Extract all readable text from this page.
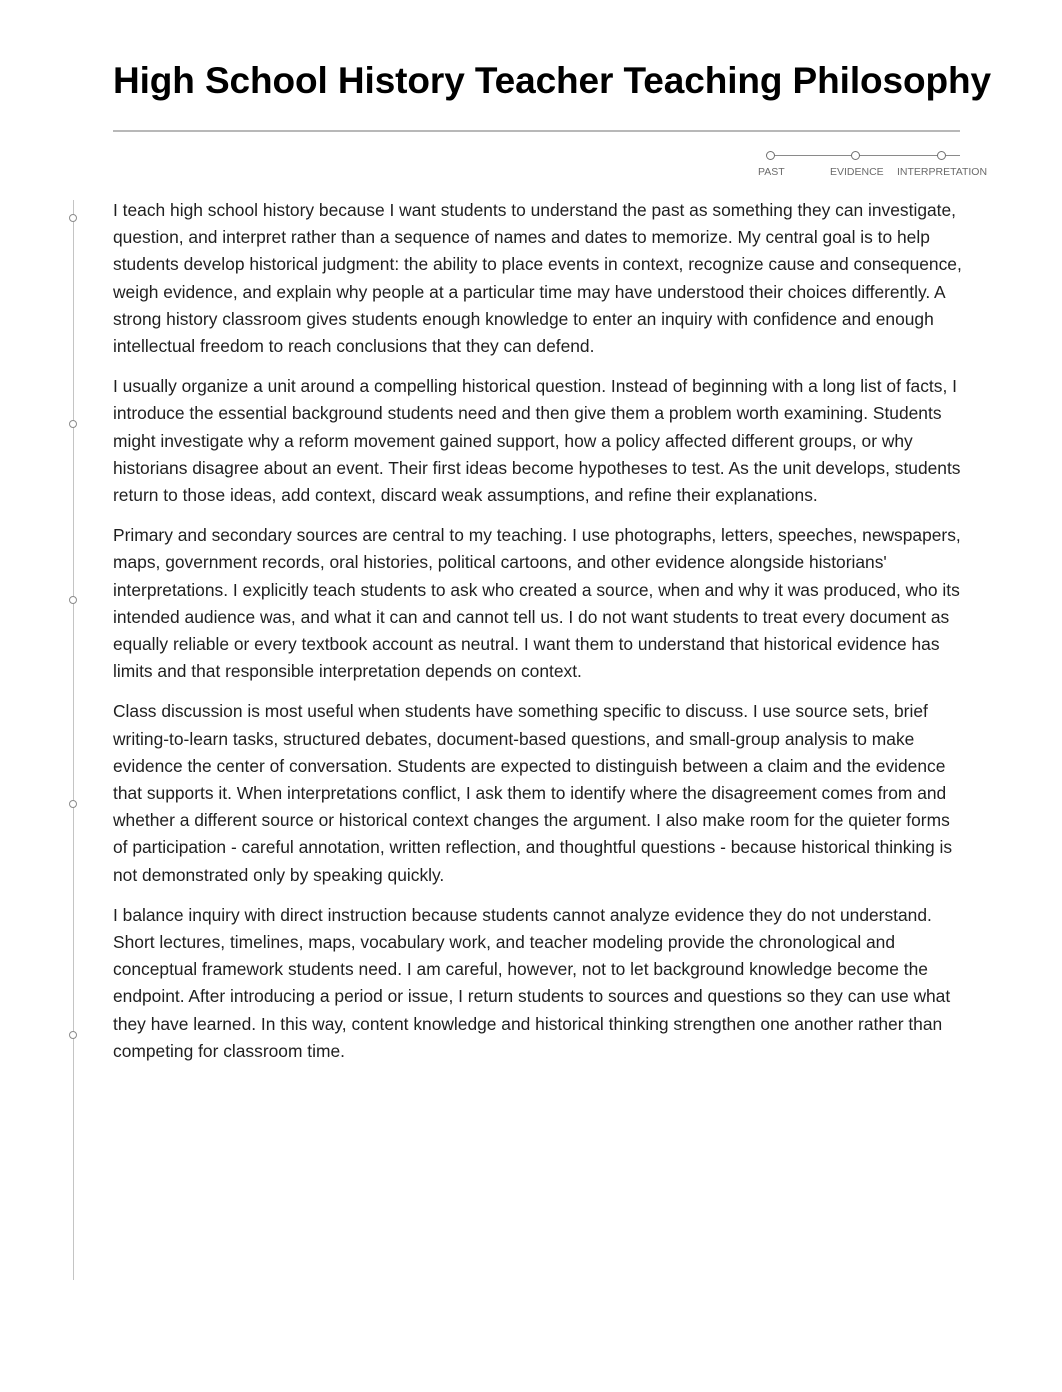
High School History Teacher Teaching Philosophy
PAST	EVIDENCE INTERPRETATION

I teach high school history because I want students to understand the past as something they can investigate, question, and interpret rather than a sequence of names and dates to memorize. My central goal is to help students develop historical judgment: the ability to place events in context, recognize cause and consequence, weigh evidence, and explain why people at a particular time may have understood their choices differently. A strong history classroom gives students enough knowledge to enter an inquiry with confidence and enough intellectual freedom to reach conclusions that they can defend.

I usually organize a unit around a compelling historical question. Instead of beginning with a long list of facts, I introduce the essential background students need and then give them a problem worth examining. Students might investigate why a reform movement gained support, how a policy affected different groups, or why historians disagree about an event. Their first ideas become hypotheses to test. As the unit develops, students return to those ideas, add context, discard weak assumptions, and refine their explanations.

Primary and secondary sources are central to my teaching. I use photographs, letters, speeches, newspapers, maps, government records, oral histories, political cartoons, and other evidence alongside historians' interpretations. I explicitly teach students to ask who created a source, when and why it was produced, who its intended audience was, and what it can and cannot tell us. I do not want students to treat every document as equally reliable or every textbook account as neutral. I want them to understand that historical evidence has limits and that responsible interpretation depends on context.

Class discussion is most useful when students have something specific to discuss. I use source sets, brief writing-to-learn tasks, structured debates, document-based questions, and small-group analysis to make evidence the center of conversation. Students are expected to distinguish between a claim and the evidence that supports it. When interpretations conflict, I ask them to identify where the disagreement comes from and whether a different source or historical context changes the argument. I also make room for the quieter forms of participation - careful annotation, written reflection, and thoughtful questions - because historical thinking is not demonstrated only by speaking quickly.

I balance inquiry with direct instruction because students cannot analyze evidence they do not understand. Short lectures, timelines, maps, vocabulary work, and teacher modeling provide the chronological and conceptual framework students need. I am careful, however, not to let background knowledge become the endpoint. After introducing a period or issue, I return students to sources and questions so they can use what they have learned. In this way, content knowledge and historical thinking strengthen one another rather than competing for classroom time.
